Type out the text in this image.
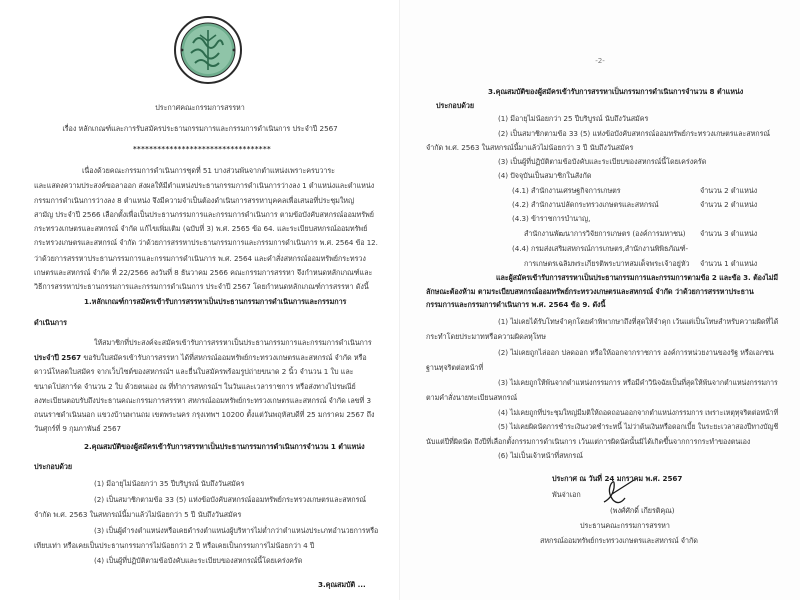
ประกาศคณะกรรมการสรรหา
เรื่อง หลักเกณฑ์และการรับสมัครประธานกรรมการและกรรมการดำเนินการ ประจำปี 2567
**********************************
เนื่องด้วยคณะกรรมการดำเนินการชุดที่ 51 บางส่วนพ้นจากตำแหน่งเพราะครบวาระ
และแสดงความประสงค์ขอลาออก ส่งผลให้มีตำแหน่งประธานกรรมการดำเนินการว่างลง 1 ตำแหน่งและตำแหน่ง
กรรมการดำเนินการว่างลง 8 ตำแหน่ง จึงมีความจำเป็นต้องดำเนินการสรรหาบุคคลเพื่อเสนอที่ประชุมใหญ่
สามัญ ประจำปี 2566 เลือกตั้งเพื่อเป็นประธานกรรมการและกรรมการดำเนินการ ตามข้อบังคับสหกรณ์ออมทรัพย์
กระทรวงเกษตรและสหกรณ์ จำกัด แก้ไขเพิ่มเติม (ฉบับที่ 3) พ.ศ. 2565 ข้อ 64. และระเบียบสหกรณ์ออมทรัพย์
กระทรวงเกษตรและสหกรณ์ จำกัด ว่าด้วยการสรรหาประธานกรรมการและกรรมการดำเนินการ พ.ศ. 2564 ข้อ 12.
ว่าด้วยการสรรหาประธานกรรมการและกรรมการดำเนินการ พ.ศ. 2564 และคำสั่งสหกรณ์ออมทรัพย์กระทรวง
เกษตรและสหกรณ์ จำกัด ที่ 22/2566 ลงวันที่ 8 ธันวาคม 2566 คณะกรรมการสรรหา จึงกำหนดหลักเกณฑ์และ
วิธีการสรรหาประธานกรรมการและกรรมการดำเนินการ ประจำปี 2567 โดยกำหนดหลักเกณฑ์การสรรหา ดังนี้
1.หลักเกณฑ์การสมัครเข้ารับการสรรหาเป็นประธานกรรมการดำเนินการและกรรมการ
ดำเนินการ
ให้สมาชิกที่ประสงค์จะสมัครเข้ารับการสรรหาเป็นประธานกรรมการและกรรมการดำเนินการ
ประจำปี 2567 ขอรับใบสมัครเข้ารับการสรรหา ได้ที่สหกรณ์ออมทรัพย์กระทรวงเกษตรและสหกรณ์ จำกัด หรือ
ดาวน์โหลดใบสมัคร จากเว็บไซต์ของสหกรณ์ฯ และยื่นใบสมัครพร้อมรูปถ่ายขนาด 2 นิ้ว จำนวน 1 ใบ และ
ขนาดโปสการ์ด จำนวน 2 ใบ ด้วยตนเอง ณ ที่ทำการสหกรณ์ฯ ในวันและเวลาราชการ หรือส่งทางไปรษณีย์
ลงทะเบียนตอบรับถึงประธานคณะกรรมการสรรหา สหกรณ์ออมทรัพย์กระทรวงเกษตรและสหกรณ์ จำกัด เลขที่ 3
ถนนราชดำเนินนอก แขวงบ้านพานถม เขตพระนคร กรุงเทพฯ 10200 ตั้งแต่วันพฤหัสบดีที่ 25 มกราคม 2567 ถึง
วันศุกร์ที่ 9 กุมภาพันธ์ 2567
2.คุณสมบัติของผู้สมัครเข้ารับการสรรหาเป็นประธานกรรมการดำเนินการจำนวน 1 ตำแหน่ง
ประกอบด้วย
(1) มีอายุไม่น้อยกว่า 35 ปีบริบูรณ์ นับถึงวันสมัคร
(2) เป็นสมาชิกตามข้อ 33 (5) แห่งข้อบังคับสหกรณ์ออมทรัพย์กระทรวงเกษตรและสหกรณ์
จำกัด พ.ศ. 2563 ในสหกรณ์นี้มาแล้วไม่น้อยกว่า 5 ปี นับถึงวันสมัคร
(3) เป็นผู้ดำรงตำแหน่งหรือเคยดำรงตำแหน่งผู้บริหารไม่ต่ำกว่าตำแหน่งประเภทอำนวยการหรือ
เทียบเท่า หรือเคยเป็นประธานกรรมการไม่น้อยกว่า 2 ปี หรือเคยเป็นกรรมการไม่น้อยกว่า 4 ปี
(4) เป็นผู้ที่ปฏิบัติตามข้อบังคับและระเบียบของสหกรณ์นี้โดยเคร่งครัด
3.คุณสมบัติ ...
-2-
3.คุณสมบัติของผู้สมัครเข้ารับการสรรหาเป็นกรรมการดำเนินการจำนวน 8 ตำแหน่ง
ประกอบด้วย
(1) มีอายุไม่น้อยกว่า 25 ปีบริบูรณ์ นับถึงวันสมัคร
(2) เป็นสมาชิกตามข้อ 33 (5) แห่งข้อบังคับสหกรณ์ออมทรัพย์กระทรวงเกษตรและสหกรณ์
จำกัด พ.ศ. 2563 ในสหกรณ์นี้มาแล้วไม่น้อยกว่า 3 ปี นับถึงวันสมัคร
(3) เป็นผู้ที่ปฏิบัติตามข้อบังคับและระเบียบของสหกรณ์นี้โดยเคร่งครัด
(4) ปัจจุบันเป็นสมาชิกในสังกัด
(4.1) สำนักงานเศรษฐกิจการเกษตร	จำนวน 2 ตำแหน่ง
(4.2) สำนักงานปลัดกระทรวงเกษตรและสหกรณ์	จำนวน 2 ตำแหน่ง
(4.3) ข้าราชการบำนาญ,
สำนักงานพัฒนาการวิจัยการเกษตร (องค์การมหาชน) จำนวน 3 ตำแหน่ง
(4.4) กรมส่งเสริมสหกรณ์การเกษตร,สำนักงานพิพิธภัณฑ์-
การเกษตรเฉลิมพระเกียรติพระบาทสมเด็จพระเจ้าอยู่หัว จำนวน 1 ตำแหน่ง
และผู้สมัครเข้ารับการสรรหาเป็นประธานกรรมการและกรรมการตามข้อ 2 และข้อ 3. ต้องไม่มี
ลักษณะต้องห้าม ตามระเบียบสหกรณ์ออมทรัพย์กระทรวงเกษตรและสหกรณ์ จำกัด ว่าด้วยการสรรหาประธาน
กรรมการและกรรมการดำเนินการ พ.ศ. 2564 ข้อ 9. ดังนี้
(1) ไม่เคยได้รับโทษจำคุกโดยคำพิพากษาถึงที่สุดให้จำคุก เว้นแต่เป็นโทษสำหรับความผิดที่ได้
กระทำโดยประมาทหรือความผิดลหุโทษ
(2) ไม่เคยถูกไล่ออก ปลดออก หรือให้ออกจากราชการ องค์การหน่วยงานของรัฐ หรือเอกชน
ฐานทุจริตต่อหน้าที่
(3) ไม่เคยถูกให้พ้นจากตำแหน่งกรรมการ หรือมีคำวินิจฉัยเป็นที่สุดให้พ้นจากตำแหน่งกรรมการ
ตามคำสั่งนายทะเบียนสหกรณ์
(4) ไม่เคยถูกที่ประชุมใหญ่มีมติให้ถอดถอนออกจากตำแหน่งกรรมการ เพราะเหตุทุจริตต่อหน้าที่
(5) ไม่เคยผิดนัดการชำระเงินงวดชำระหนี้ ไม่ว่าต้นเงินหรือดอกเบี้ย ในระยะเวลาสองปีทางบัญชี
นับแต่ปีที่ผิดนัด ถึงปีที่เลือกตั้งกรรมการดำเนินการ เว้นแต่การผิดนัดนั้นมิได้เกิดขึ้นจากการกระทำของตนเอง
(6) ไม่เป็นเจ้าหน้าที่สหกรณ์
ประกาศ ณ วันที่ 24 มกราคม พ.ศ. 2567
พันจ่าเอก
(พงศ์ศักดิ์ เกียรติคุณ)
ประธานคณะกรรมการสรรหา
สหกรณ์ออมทรัพย์กระทรวงเกษตรและสหกรณ์ จำกัด
